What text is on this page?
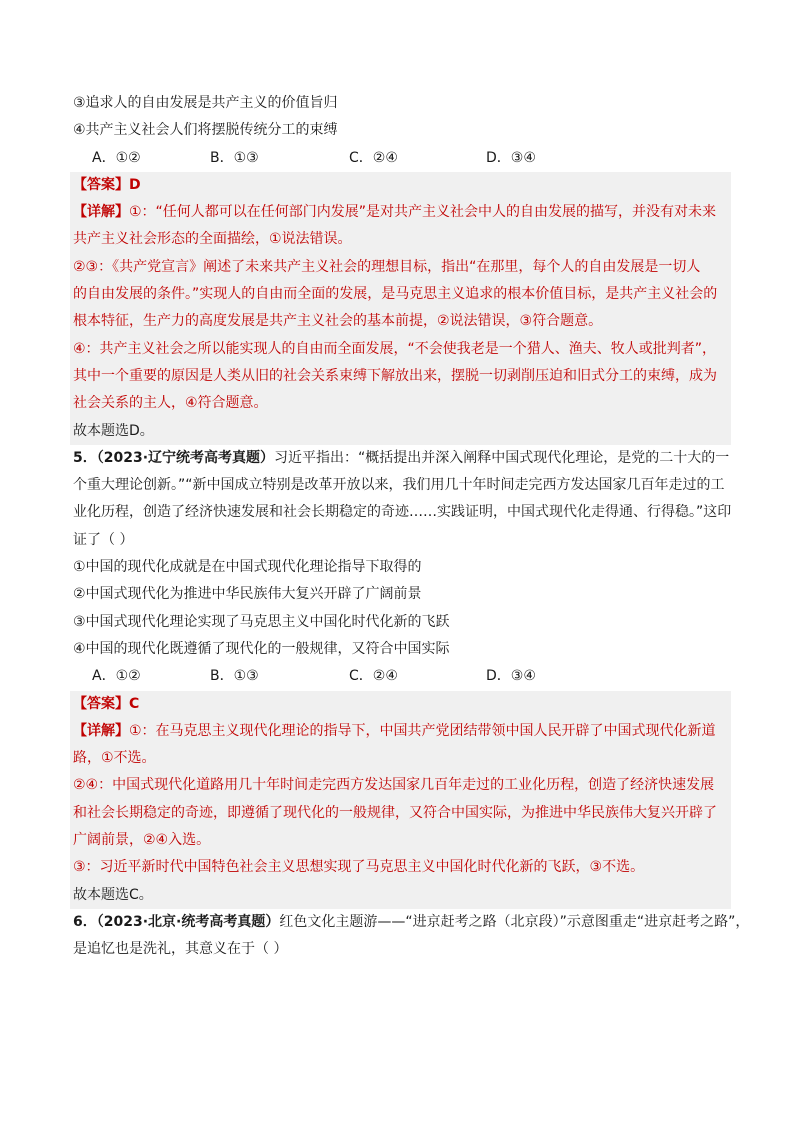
③追求人的自由发展是共产主义的价值旨归
④共产主义社会人们将摆脱传统分工的束缚
A．①②	B．①③	C．②④	D．③④
【答案】D
【详解】①：“任何人都可以在任何部门内发展”是对共产主义社会中人的自由发展的描写，并没有对未来
共产主义社会形态的全面描绘，①说法错误。
②③：《共产党宣言》阐述了未来共产主义社会的理想目标，指出“在那里，每个人的自由发展是一切人
的自由发展的条件。”实现人的自由而全面的发展，是马克思主义追求的根本价值目标，是共产主义社会的
根本特征，生产力的高度发展是共产主义社会的基本前提，②说法错误，③符合题意。
④：共产主义社会之所以能实现人的自由而全面发展，“不会使我老是一个猎人、渔夫、牧人或批判者”，
其中一个重要的原因是人类从旧的社会关系束缚下解放出来，摆脱一切剥削压迫和旧式分工的束缚，成为
社会关系的主人，④符合题意。
故本题选D。
5．（2023·辽宁统考高考真题）习近平指出：“概括提出并深入阐释中国式现代化理论，是党的二十大的一
个重大理论创新。”“新中国成立特别是改革开放以来，我们用几十年时间走完西方发达国家几百年走过的工
业化历程，创造了经济快速发展和社会长期稳定的奇迹……实践证明，中国式现代化走得通、行得稳。”这印
证了（ ）
①中国的现代化成就是在中国式现代化理论指导下取得的
②中国式现代化为推进中华民族伟大复兴开辟了广阔前景
③中国式现代化理论实现了马克思主义中国化时代化新的飞跃
④中国的现代化既遵循了现代化的一般规律，又符合中国实际
A．①②	B．①③	C．②④	D．③④
【答案】C
【详解】①：在马克思主义现代化理论的指导下，中国共产党团结带领中国人民开辟了中国式现代化新道
路，①不选。
②④：中国式现代化道路用几十年时间走完西方发达国家几百年走过的工业化历程，创造了经济快速发展
和社会长期稳定的奇迹，即遵循了现代化的一般规律，又符合中国实际，为推进中华民族伟大复兴开辟了
广阔前景，②④入选。
③：习近平新时代中国特色社会主义思想实现了马克思主义中国化时代化新的飞跃，③不选。
故本题选C。
6．（2023·北京·统考高考真题）红色文化主题游——“进京赶考之路（北京段）”示意图重走“进京赶考之路”，
是追忆也是洗礼，其意义在于（ ）
